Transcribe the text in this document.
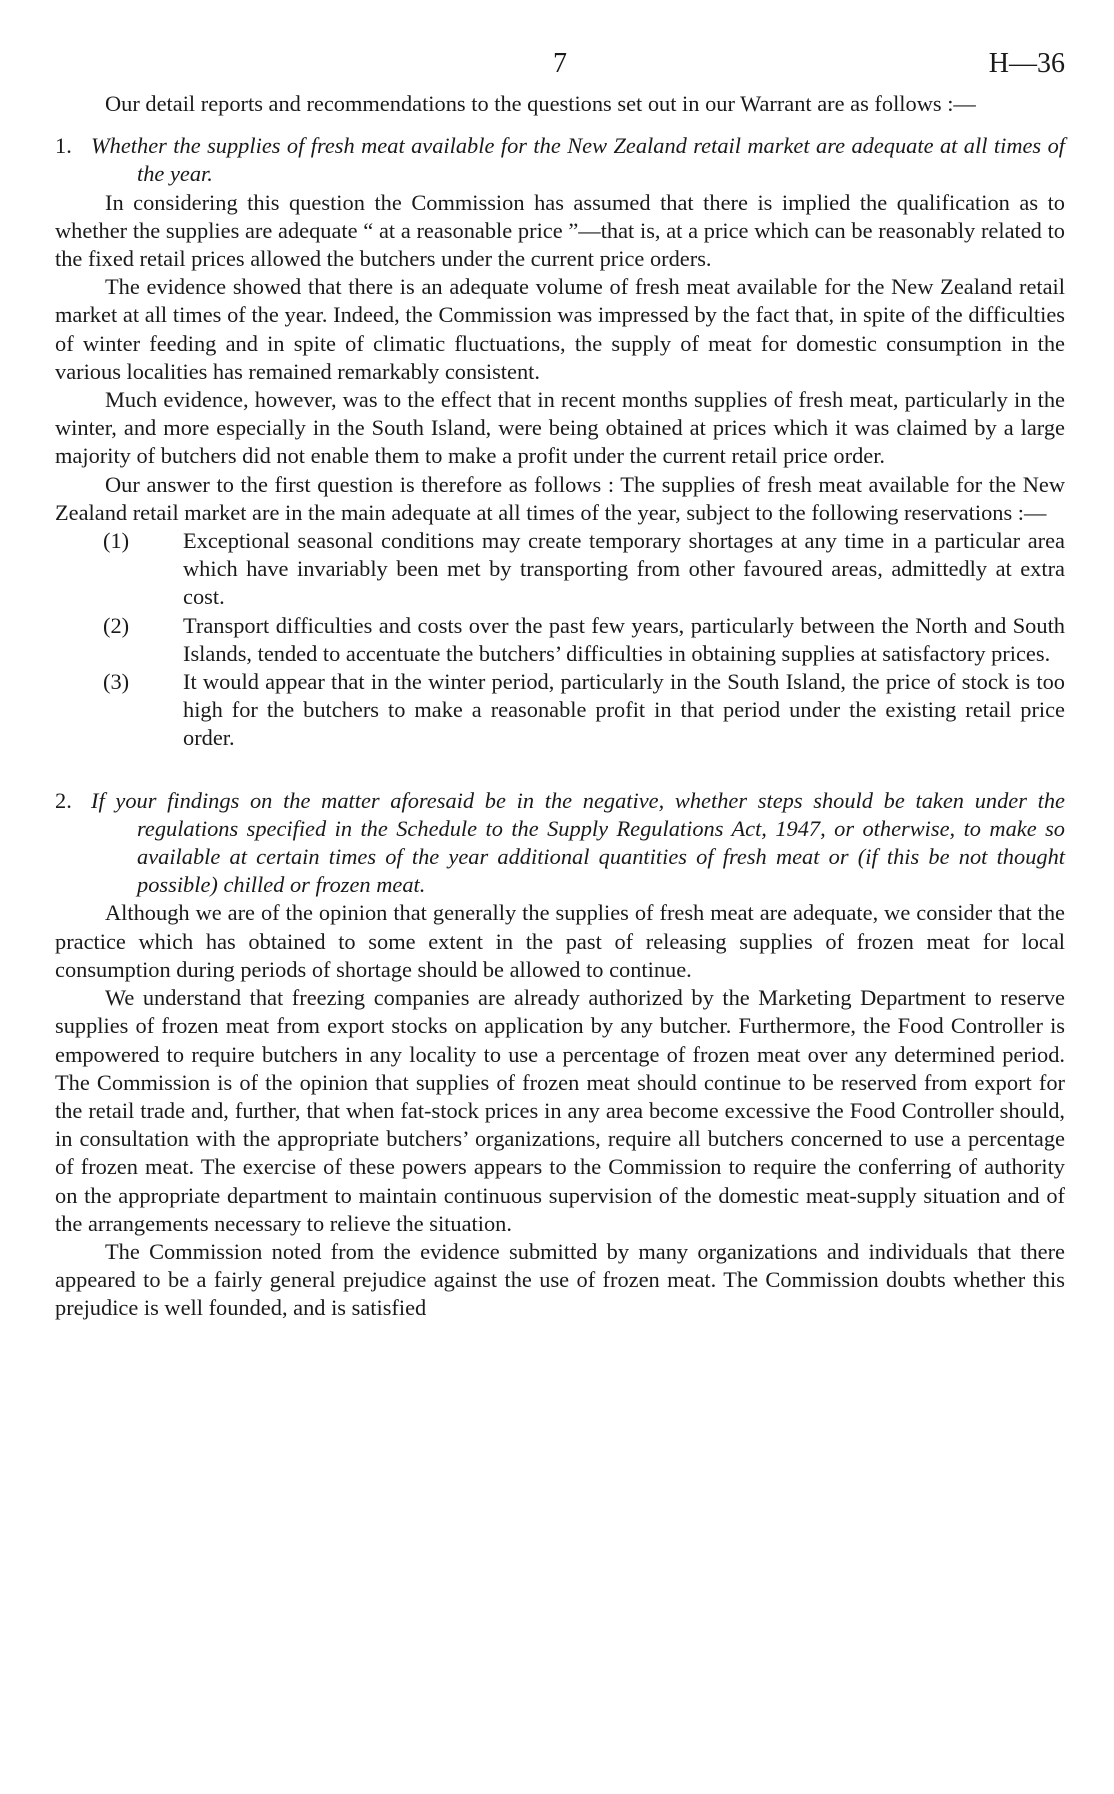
7	H—36

Our detail reports and recommendations to the questions set out in our Warrant are as follows :—

1. Whether the supplies of fresh meat available for the New Zealand retail market are adequate at all times of the year.

In considering this question the Commission has assumed that there is implied the qualification as to whether the supplies are adequate “ at a reasonable price ”—that is, at a price which can be reasonably related to the fixed retail prices allowed the butchers under the current price orders.

The evidence showed that there is an adequate volume of fresh meat available for the New Zealand retail market at all times of the year. Indeed, the Commission was impressed by the fact that, in spite of the difficulties of winter feeding and in spite of climatic fluctuations, the supply of meat for domestic consumption in the various localities has remained remarkably consistent.

Much evidence, however, was to the effect that in recent months supplies of fresh meat, particularly in the winter, and more especially in the South Island, were being obtained at prices which it was claimed by a large majority of butchers did not enable them to make a profit under the current retail price order.

Our answer to the first question is therefore as follows : The supplies of fresh meat available for the New Zealand retail market are in the main adequate at all times of the year, subject to the following reservations :—

(1)	Exceptional seasonal conditions may create temporary shortages at any time in a particular area which have invariably been met by transporting from other favoured areas, admittedly at extra cost.
(2)	Transport difficulties and costs over the past few years, particularly between the North and South Islands, tended to accentuate the butchers’ difficulties in obtaining supplies at satisfactory prices.
(3)	It would appear that in the winter period, particularly in the South Island, the price of stock is too high for the butchers to make a reasonable profit in that period under the existing retail price order.

2. If your findings on the matter aforesaid be in the negative, whether steps should be taken under the regulations specified in the Schedule to the Supply Regulations Act, 1947, or otherwise, to make so available at certain times of the year additional quantities of fresh meat or (if this be not thought possible) chilled or frozen meat.

Although we are of the opinion that generally the supplies of fresh meat are adequate, we consider that the practice which has obtained to some extent in the past of releasing supplies of frozen meat for local consumption during periods of shortage should be allowed to continue.

We understand that freezing companies are already authorized by the Marketing Department to reserve supplies of frozen meat from export stocks on application by any butcher. Furthermore, the Food Controller is empowered to require butchers in any locality to use a percentage of frozen meat over any determined period. The Commission is of the opinion that supplies of frozen meat should continue to be reserved from export for the retail trade and, further, that when fat-stock prices in any area become excessive the Food Controller should, in consultation with the appropriate butchers’ organizations, require all butchers concerned to use a percentage of frozen meat. The exercise of these powers appears to the Commission to require the conferring of authority on the appropriate department to maintain continuous supervision of the domestic meat-supply situation and of the arrangements necessary to relieve the situation.

The Commission noted from the evidence submitted by many organizations and individuals that there appeared to be a fairly general prejudice against the use of frozen meat. The Commission doubts whether this prejudice is well founded, and is satisfied
